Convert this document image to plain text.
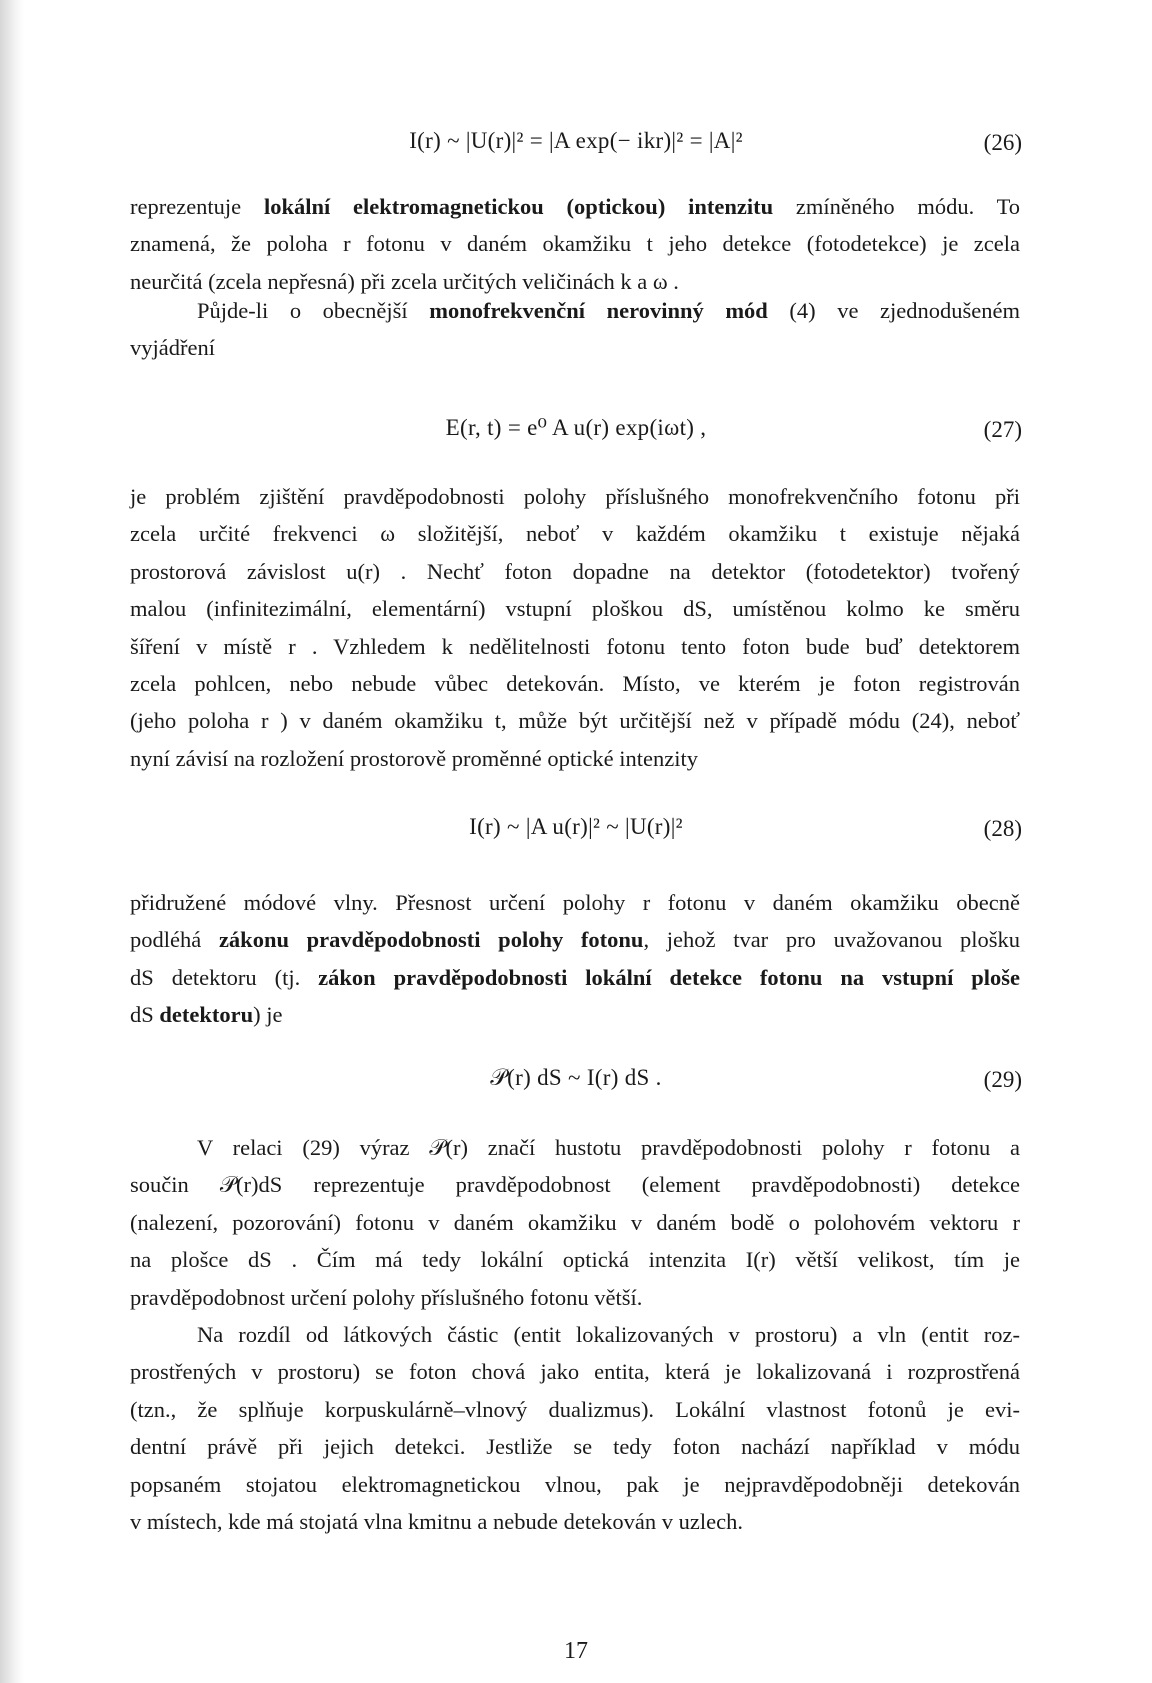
I(r) ~ |U(r)|² = |A exp(− ikr)|² = |A|²	(26)
reprezentuje lokální elektromagnetickou (optickou) intenzitu zmíněného módu. To
znamená, že poloha r fotonu v daném okamžiku t jeho detekce (fotodetekce) je zcela
neurčitá (zcela nepřesná) při zcela určitých veličinách k a ω .
Půjde-li o obecnější monofrekvenční nerovinný mód (4) ve zjednodušeném
vyjádření
E(r, t) = e⁰ A u(r) exp(iωt) ,	(27)
je problém zjištění pravděpodobnosti polohy příslušného monofrekvenčního fotonu při
zcela určité frekvenci ω složitější, neboť v každém okamžiku t existuje nějaká
prostorová závislost u(r) . Nechť foton dopadne na detektor (fotodetektor) tvořený
malou (infinitezimální, elementární) vstupní ploškou dS, umístěnou kolmo ke směru
šíření v místě r . Vzhledem k nedělitelnosti fotonu tento foton bude buď detektorem
zcela pohlcen, nebo nebude vůbec detekován. Místo, ve kterém je foton registrován
(jeho poloha r ) v daném okamžiku t, může být určitější než v případě módu (24), neboť
nyní závisí na rozložení prostorově proměnné optické intenzity
I(r) ~ |A u(r)|² ~ |U(r)|²	(28)
přidružené módové vlny. Přesnost určení polohy r fotonu v daném okamžiku obecně
podléhá zákonu pravděpodobnosti polohy fotonu, jehož tvar pro uvažovanou plošku
dS detektoru (tj. zákon pravděpodobnosti lokální detekce fotonu na vstupní ploše
dS detektoru) je
𝒫(r) dS ~ I(r) dS .	(29)
V relaci (29) výraz 𝒫(r) značí hustotu pravděpodobnosti polohy r fotonu a
součin 𝒫(r)dS reprezentuje pravděpodobnost (element pravděpodobnosti) detekce
(nalezení, pozorování) fotonu v daném okamžiku v daném bodě o polohovém vektoru r
na plošce dS . Čím má tedy lokální optická intenzita I(r) větší velikost, tím je
pravděpodobnost určení polohy příslušného fotonu větší.
Na rozdíl od látkových částic (entit lokalizovaných v prostoru) a vln (entit roz-
prostřených v prostoru) se foton chová jako entita, která je lokalizovaná i rozprostřená
(tzn., že splňuje korpuskulárně–vlnový dualizmus). Lokální vlastnost fotonů je evi-
dentní právě při jejich detekci. Jestliže se tedy foton nachází například v módu
popsaném stojatou elektromagnetickou vlnou, pak je nejpravděpodobněji detekován
v místech, kde má stojatá vlna kmitnu a nebude detekován v uzlech.
17
